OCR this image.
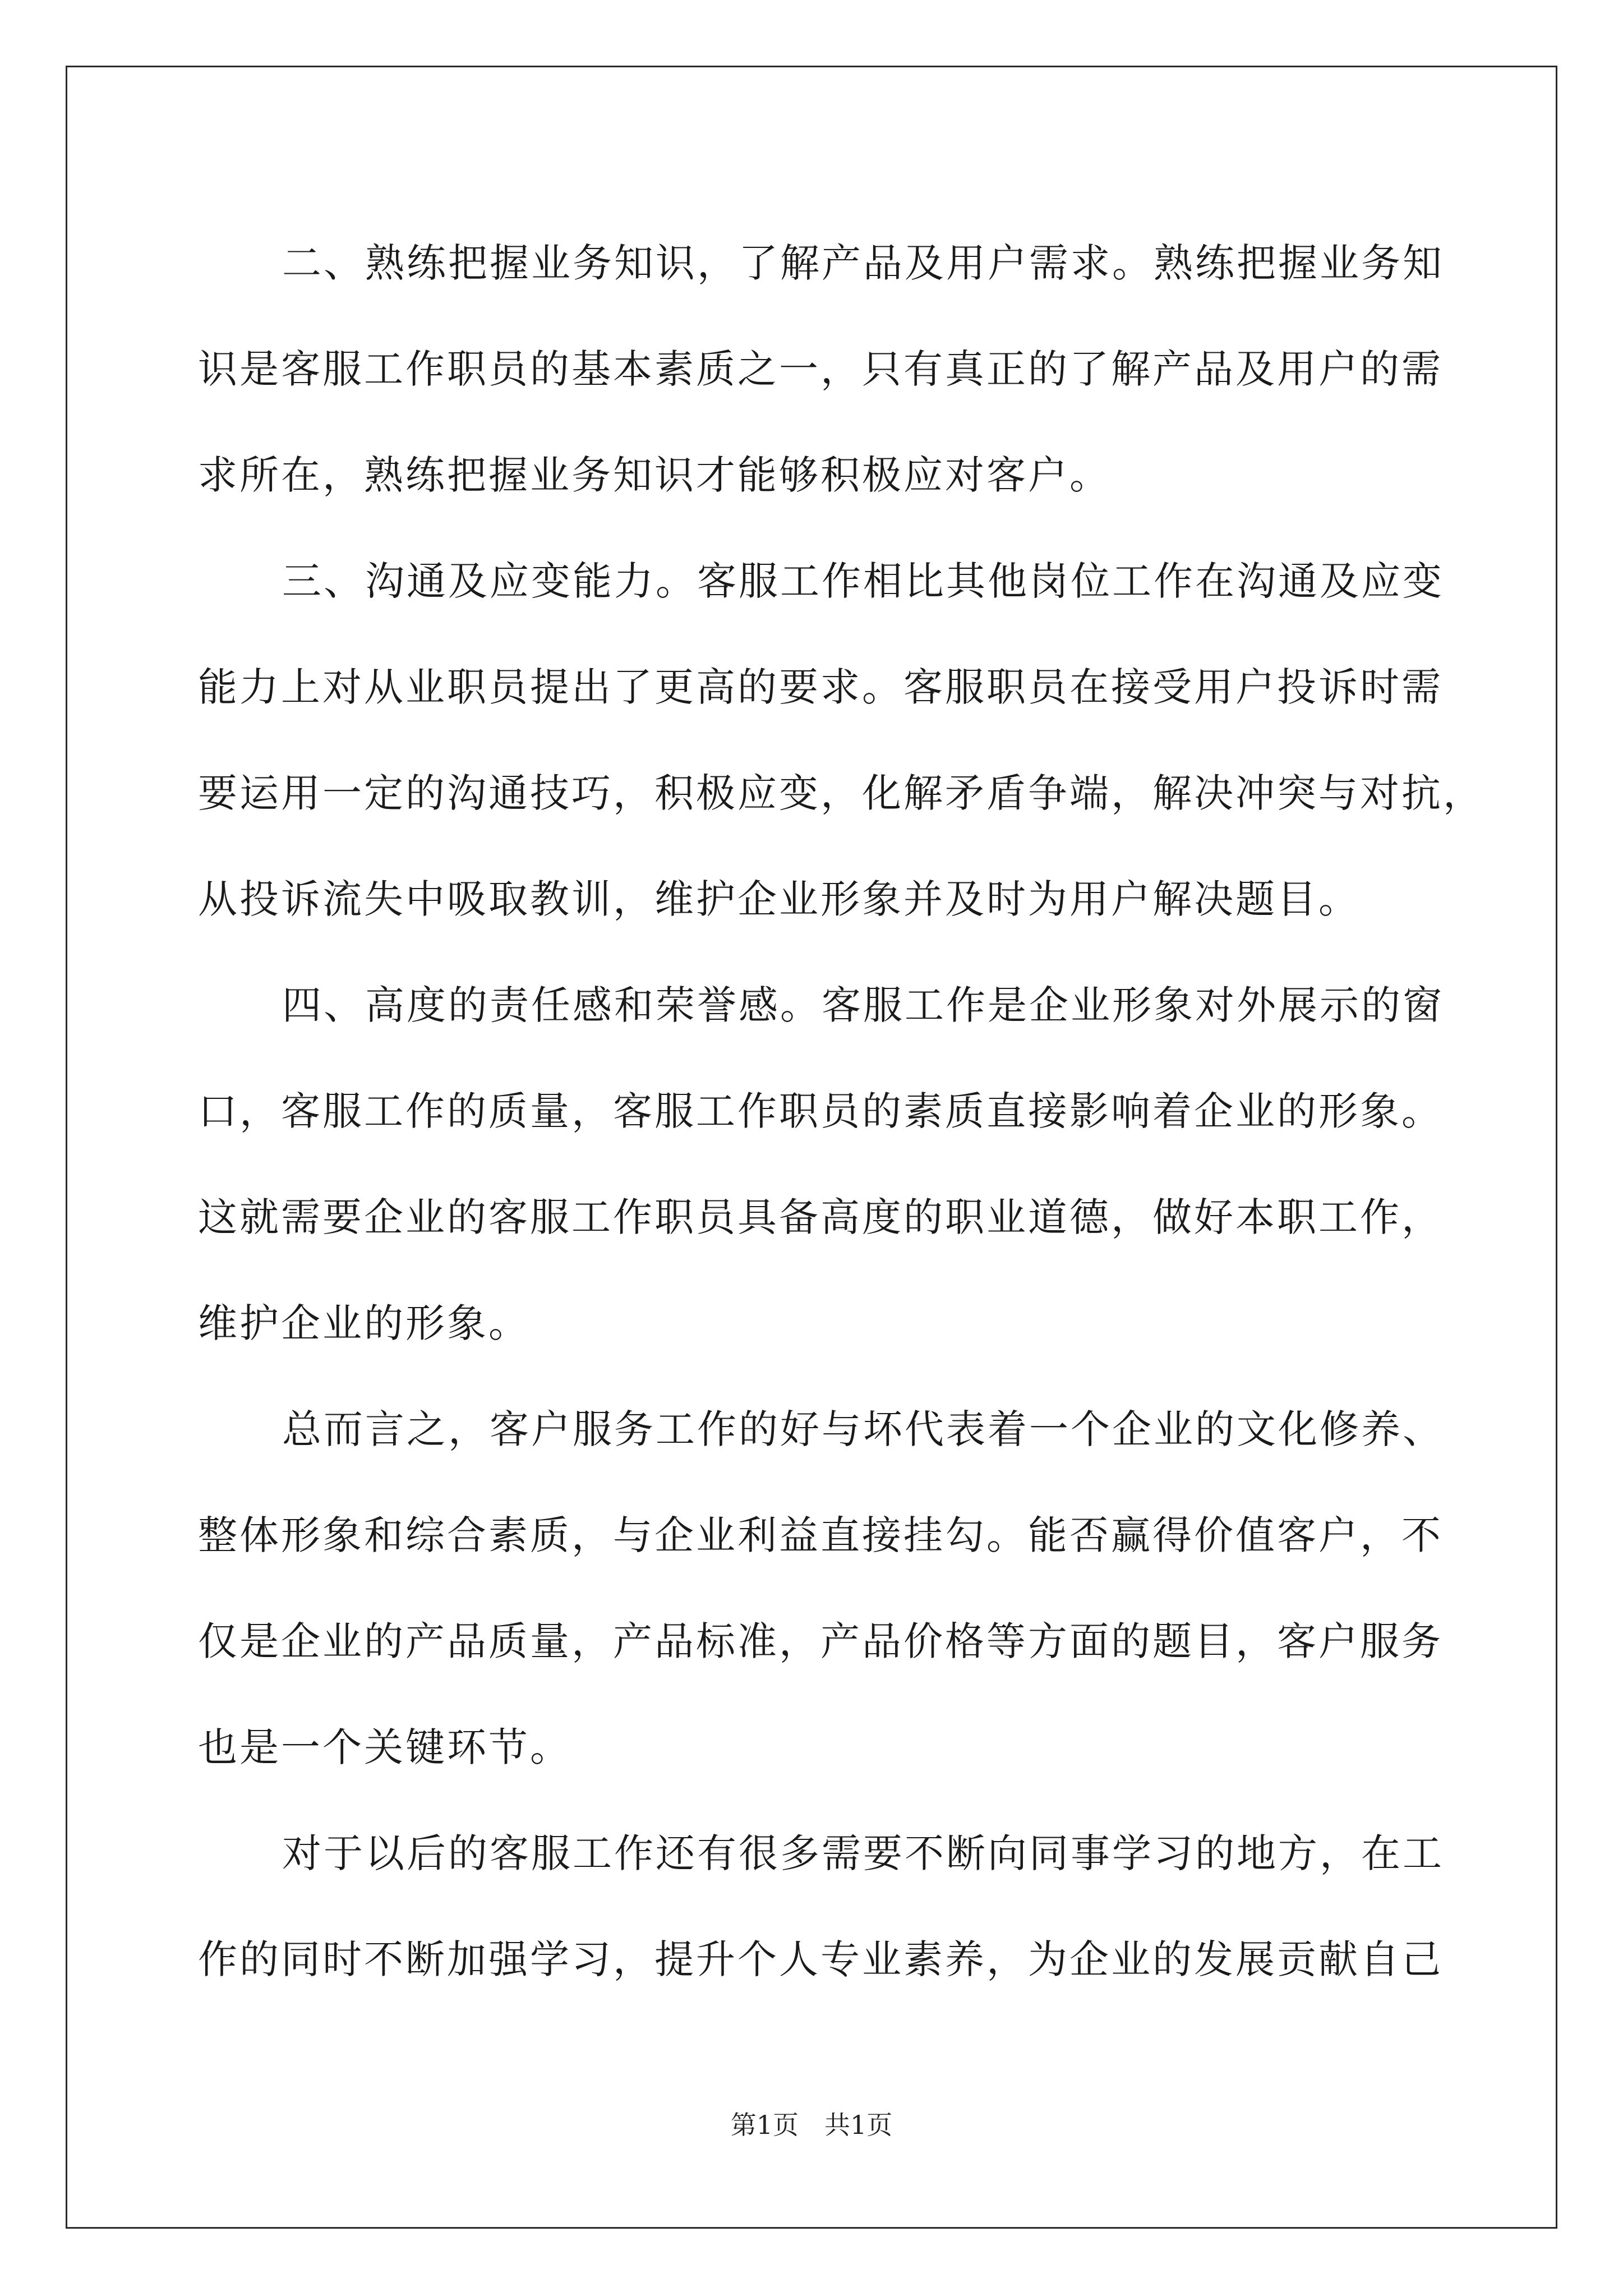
二、熟练把握业务知识，了解产品及用户需求。熟练把握业务知
识是客服工作职员的基本素质之一，只有真正的了解产品及用户的需
求所在，熟练把握业务知识才能够积极应对客户。
三、沟通及应变能力。客服工作相比其他岗位工作在沟通及应变
能力上对从业职员提出了更高的要求。客服职员在接受用户投诉时需
要运用一定的沟通技巧，积极应变，化解矛盾争端，解决冲突与对抗，
从投诉流失中吸取教训，维护企业形象并及时为用户解决题目。
四、高度的责任感和荣誉感。客服工作是企业形象对外展示的窗
口，客服工作的质量，客服工作职员的素质直接影响着企业的形象。
这就需要企业的客服工作职员具备高度的职业道德，做好本职工作，
维护企业的形象。
总而言之，客户服务工作的好与坏代表着一个企业的文化修养、
整体形象和综合素质，与企业利益直接挂勾。能否赢得价值客户，不
仅是企业的产品质量，产品标准，产品价格等方面的题目，客户服务
也是一个关键环节。
对于以后的客服工作还有很多需要不断向同事学习的地方，在工
作的同时不断加强学习，提升个人专业素养，为企业的发展贡献自己
第1页　共1页
